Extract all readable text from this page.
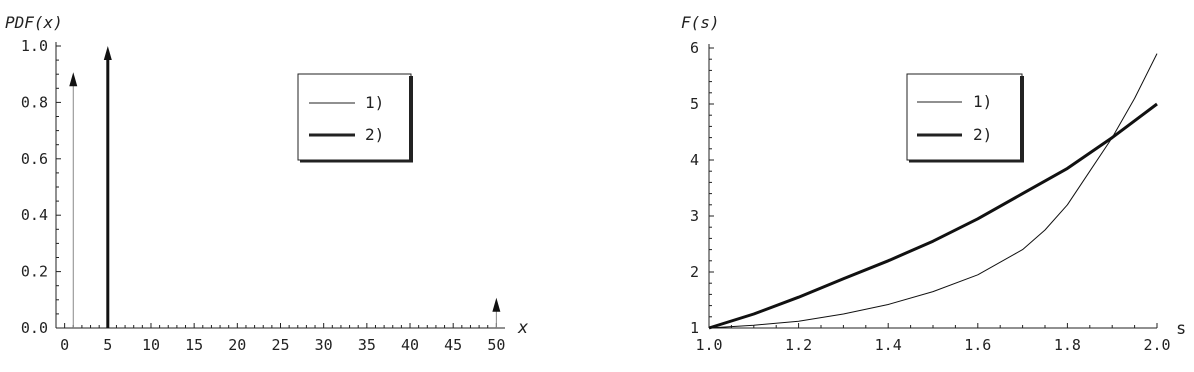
PDF(x)
x
0.0
0.2
0.4
0.6
0.8
1.0
0 5 10 15 20 25 30 35 40 45 50
1)
2)
F(s)
s
1
2
3
4
5
6
1.0	1.2	1.4	1.6	1.8	2.0
1)
2)
